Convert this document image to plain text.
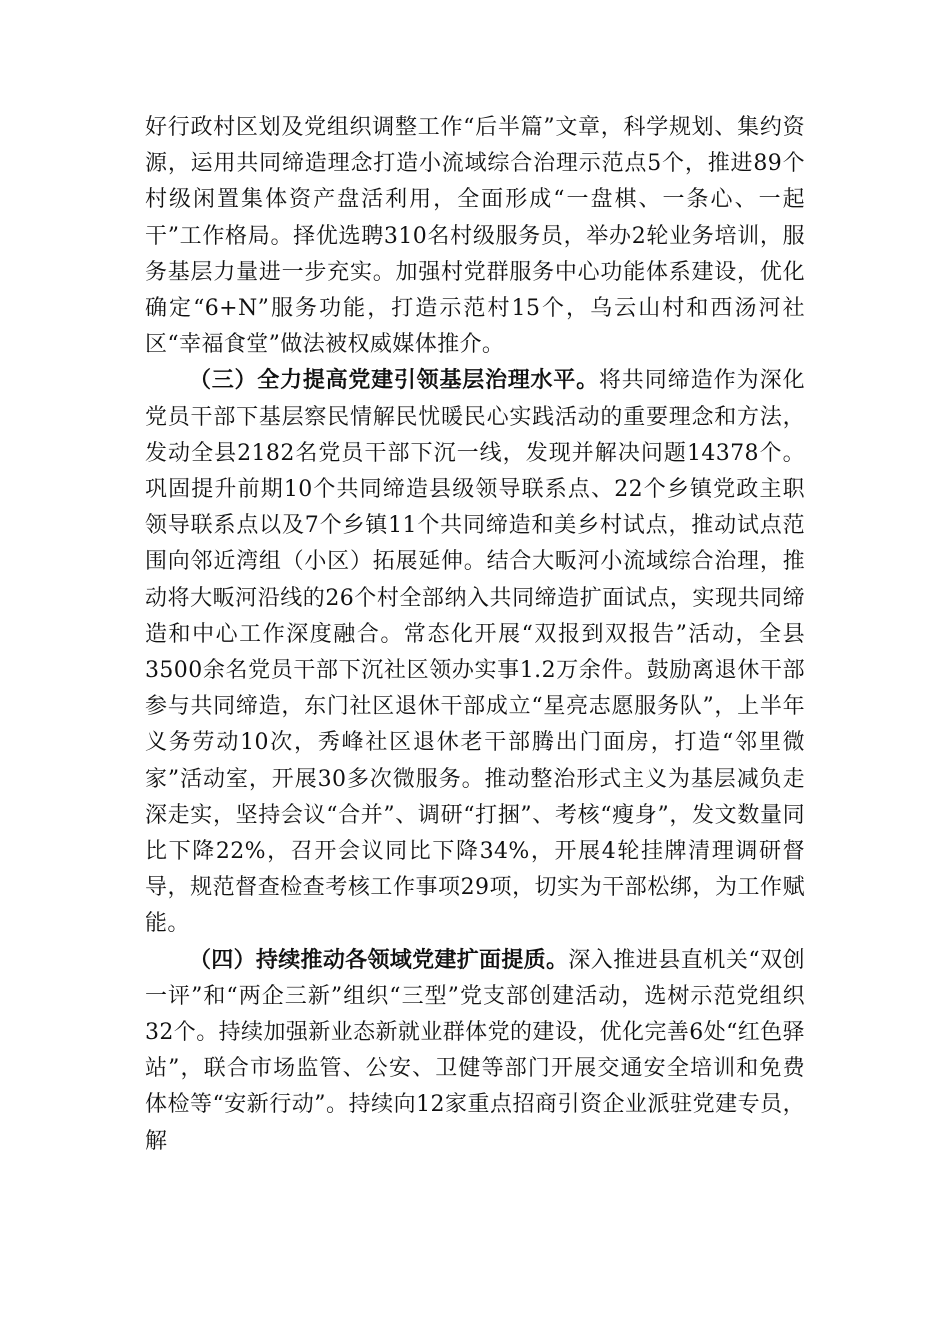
好行政村区划及党组织调整工作“后半篇”文章，科学规划、集约资源，运用共同缔造理念打造小流域综合治理示范点5个，推进89个村级闲置集体资产盘活利用，全面形成“一盘棋、一条心、一起干”工作格局。择优选聘310名村级服务员，举办2轮业务培训，服务基层力量进一步充实。加强村党群服务中心功能体系建设，优化确定“6+N”服务功能，打造示范村15个，乌云山村和西汤河社区“幸福食堂”做法被权威媒体推介。

（三）全力提高党建引领基层治理水平。将共同缔造作为深化党员干部下基层察民情解民忧暖民心实践活动的重要理念和方法，发动全县2182名党员干部下沉一线，发现并解决问题14378个。巩固提升前期10个共同缔造县级领导联系点、22个乡镇党政主职领导联系点以及7个乡镇11个共同缔造和美乡村试点，推动试点范围向邻近湾组（小区）拓展延伸。结合大畈河小流域综合治理，推动将大畈河沿线的26个村全部纳入共同缔造扩面试点，实现共同缔造和中心工作深度融合。常态化开展“双报到双报告”活动，全县3500余名党员干部下沉社区领办实事1.2万余件。鼓励离退休干部参与共同缔造，东门社区退休干部成立“星亮志愿服务队”，上半年义务劳动10次，秀峰社区退休老干部腾出门面房，打造“邻里微家”活动室，开展30多次微服务。推动整治形式主义为基层减负走深走实，坚持会议“合并”、调研“打捆”、考核“瘦身”，发文数量同比下降22%，召开会议同比下降34%，开展4轮挂牌清理调研督导，规范督查检查考核工作事项29项，切实为干部松绑，为工作赋能。

（四）持续推动各领域党建扩面提质。深入推进县直机关“双创一评”和“两企三新”组织“三型”党支部创建活动，选树示范党组织32个。持续加强新业态新就业群体党的建设，优化完善6处“红色驿站”，联合市场监管、公安、卫健等部门开展交通安全培训和免费体检等“安新行动”。持续向12家重点招商引资企业派驻党建专员，解
